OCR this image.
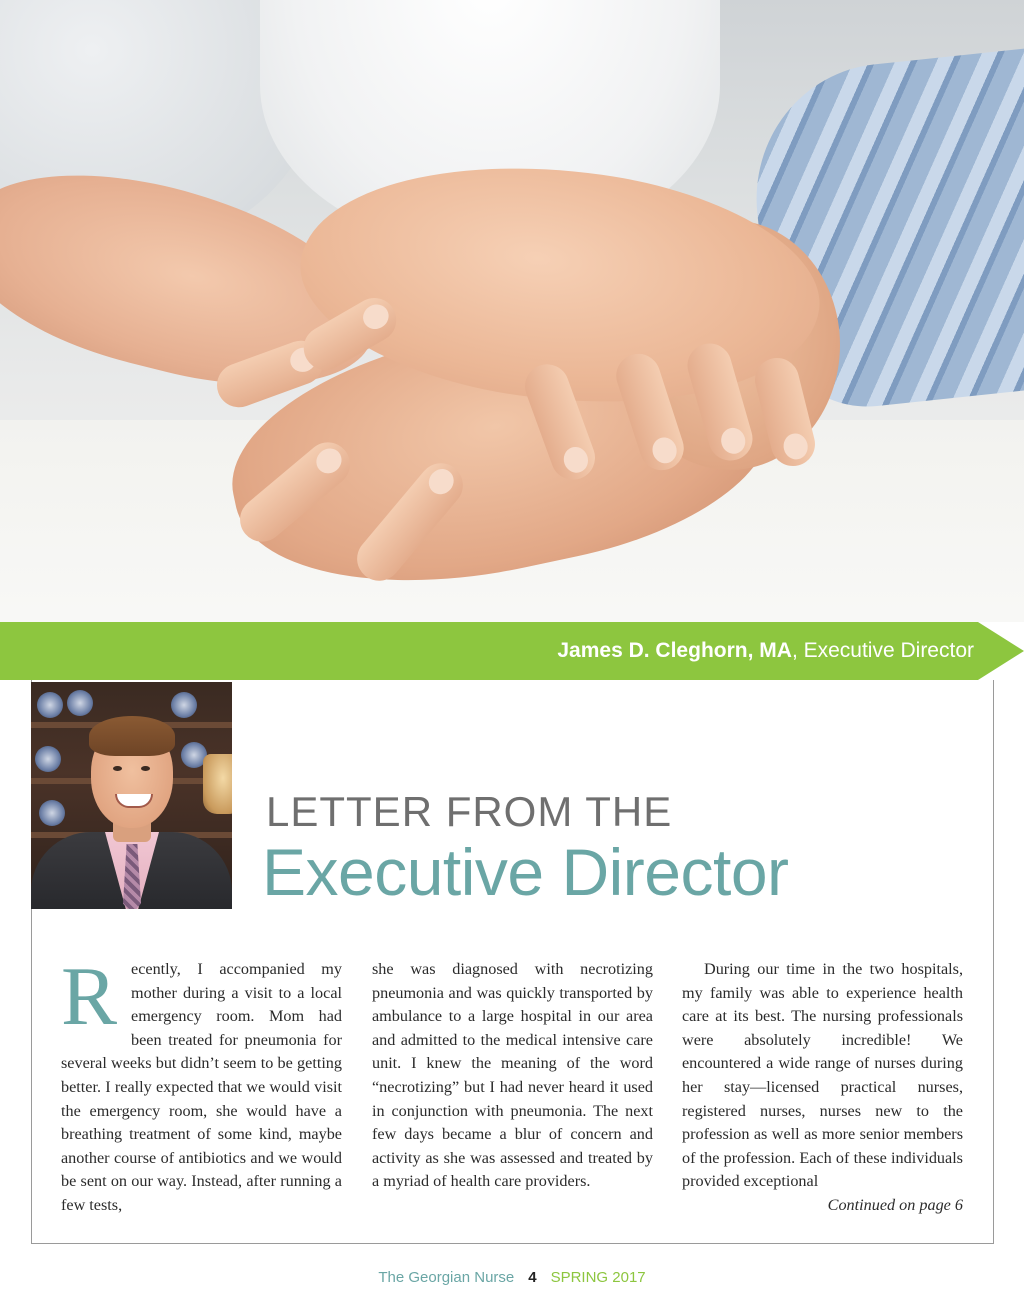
James D. Cleghorn, MA, Executive Director
LETTER FROM THE
Executive Director
R ecently, I accompanied my mother during a visit to a local emergency room. Mom had been treated for pneumonia for several weeks but didn’t seem to be getting better. I really expected that we would visit the emergency room, she would have a breathing treatment of some kind, maybe another course of antibiotics and we would be sent on our way. Instead, after running a few tests,

she was diagnosed with necrotizing pneumonia and was quickly transported by ambulance to a large hospital in our area and admitted to the medical intensive care unit. I knew the meaning of the word “necrotizing” but I had never heard it used in conjunction with pneumonia. The next few days became a blur of concern and activity as she was assessed and treated by a myriad of health care providers.

During our time in the two hospitals, my family was able to experience health care at its best. The nursing professionals were absolutely incredible! We encountered a wide range of nurses during her stay—licensed practical nurses, registered nurses, nurses new to the profession as well as more senior members of the profession. Each of these individuals provided exceptional

Continued on page 6

The Georgian Nurse 4 SPRING 2017
